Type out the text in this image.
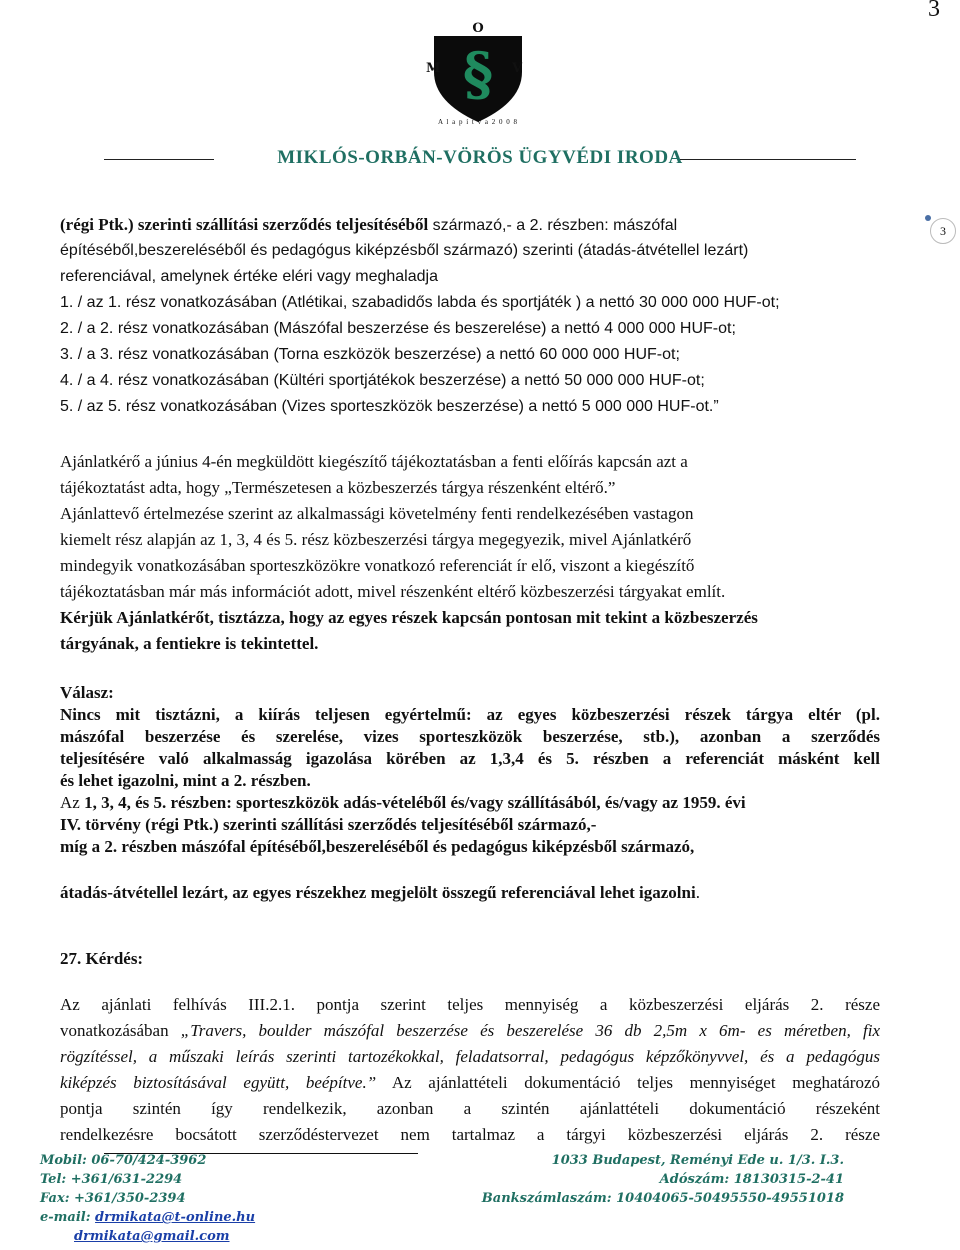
3
O
M	V
§
A l a p í t v a 2 0 0 8
MIKLÓS-ORBÁN-VÖRÖS ÜGYVÉDI IRODA
3
(régi Ptk.) szerinti szállítási szerződés teljesítéséből származó,- a 2. részben: mászófal
építéséből,beszereléséből és pedagógus kiképzésből származó) szerinti (átadás-átvétellel lezárt)
referenciával, amelynek értéke eléri vagy meghaladja
1. / az 1. rész vonatkozásában (Atlétikai, szabadidős labda és sportjáték ) a nettó 30 000 000 HUF-ot;
2. / a 2. rész vonatkozásában (Mászófal beszerzése és beszerelése) a nettó 4 000 000 HUF-ot;
3. / a 3. rész vonatkozásában (Torna eszközök beszerzése) a nettó 60 000 000 HUF-ot;
4. / a 4. rész vonatkozásában (Kültéri sportjátékok beszerzése) a nettó 50 000 000 HUF-ot;
5. / az 5. rész vonatkozásában (Vizes sporteszközök beszerzése) a nettó 5 000 000 HUF-ot.”
Ajánlatkérő a június 4-én megküldött kiegészítő tájékoztatásban a fenti előírás kapcsán azt a
tájékoztatást adta, hogy „Természetesen a közbeszerzés tárgya részenként eltérő.”
Ajánlattevő értelmezése szerint az alkalmassági követelmény fenti rendelkezésében vastagon
kiemelt rész alapján az 1, 3, 4 és 5. rész közbeszerzési tárgya megegyezik, mivel Ajánlatkérő
mindegyik vonatkozásában sporteszközökre vonatkozó referenciát ír elő, viszont a kiegészítő
tájékoztatásban már más információt adott, mivel részenként eltérő közbeszerzési tárgyakat említ.
Kérjük Ajánlatkérőt, tisztázza, hogy az egyes részek kapcsán pontosan mit tekint a közbeszerzés
tárgyának, a fentiekre is tekintettel.
Válasz:
Nincs mit tisztázni, a kiírás teljesen egyértelmű: az egyes közbeszerzési részek tárgya eltér (pl.
mászófal beszerzése és szerelése, vizes sporteszközök beszerzése, stb.), azonban a szerződés
teljesítésére való alkalmasság igazolása körében az 1,3,4 és 5. részben a referenciát másként kell
és lehet igazolni, mint a 2. részben.
Az 1, 3, 4, és 5. részben: sporteszközök adás-vételéből és/vagy szállításából, és/vagy az 1959. évi
IV. törvény (régi Ptk.) szerinti szállítási szerződés teljesítéséből származó,-
míg a 2. részben mászófal építéséből,beszereléséből és pedagógus kiképzésből származó,
átadás-átvétellel lezárt, az egyes részekhez megjelölt összegű referenciával lehet igazolni.
27. Kérdés:
Az ajánlati felhívás III.2.1. pontja szerint teljes mennyiség a közbeszerzési eljárás 2. része
vonatkozásában „Travers, boulder mászófal beszerzése és beszerelése 36 db 2,5m x 6m- es méretben, fix
rögzítéssel, a műszaki leírás szerinti tartozékokkal, feladatsorral, pedagógus képzőkönyvvel, és a pedagógus
kiképzés biztosításával együtt, beépítve.” Az ajánlattételi dokumentáció teljes mennyiséget meghatározó
pontja szintén így rendelkezik, azonban a szintén ajánlattételi dokumentáció részeként
rendelkezésre bocsátott szerződéstervezet nem tartalmaz a tárgyi közbeszerzési eljárás 2. része
Mobil: 06-70/424-3962
Tel: +361/631-2294
Fax: +361/350-2394
e-mail: drmikata@t-online.hu
drmikata@gmail.com
1033 Budapest, Reményi Ede u. 1/3. I.3.
Adószám: 18130315-2-41
Bankszámlaszám: 10404065-50495550-49551018
